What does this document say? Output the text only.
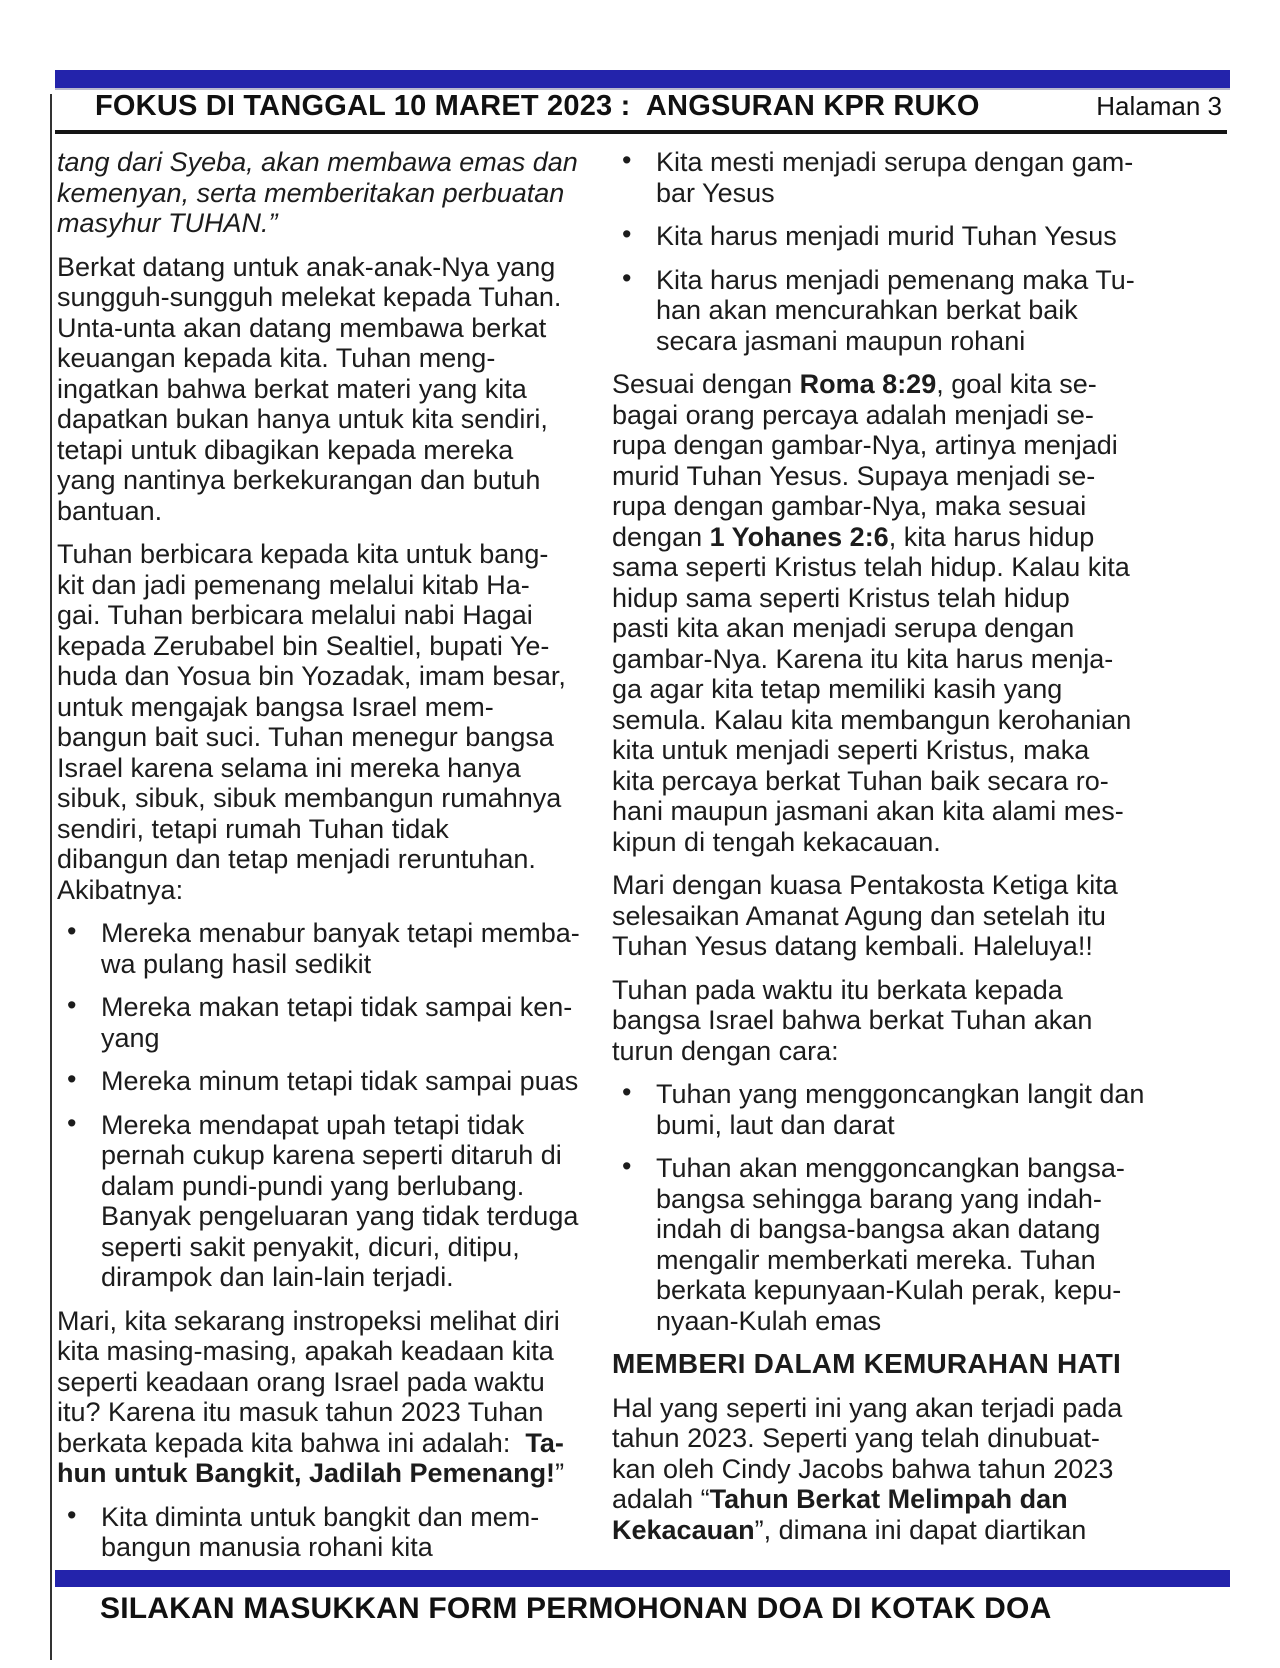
FOKUS DI TANGGAL 10 MARET 2023 :  ANGSURAN KPR RUKO	Halaman 3
tang dari Syeba, akan membawa emas dan
kemenyan, serta memberitakan perbuatan
masyhur TUHAN.”
Berkat datang untuk anak-anak-Nya yang
sungguh-sungguh melekat kepada Tuhan.
Unta-unta akan datang membawa berkat
keuangan kepada kita. Tuhan meng-
ingatkan bahwa berkat materi yang kita
dapatkan bukan hanya untuk kita sendiri,
tetapi untuk dibagikan kepada mereka
yang nantinya berkekurangan dan butuh
bantuan.
Tuhan berbicara kepada kita untuk bang-
kit dan jadi pemenang melalui kitab Ha-
gai. Tuhan berbicara melalui nabi Hagai
kepada Zerubabel bin Sealtiel, bupati Ye-
huda dan Yosua bin Yozadak, imam besar,
untuk mengajak bangsa Israel mem-
bangun bait suci. Tuhan menegur bangsa
Israel karena selama ini mereka hanya
sibuk, sibuk, sibuk membangun rumahnya
sendiri, tetapi rumah Tuhan tidak
dibangun dan tetap menjadi reruntuhan.
Akibatnya:
• Mereka menabur banyak tetapi memba-
wa pulang hasil sedikit
• Mereka makan tetapi tidak sampai ken-
yang
• Mereka minum tetapi tidak sampai puas
• Mereka mendapat upah tetapi tidak
pernah cukup karena seperti ditaruh di
dalam pundi-pundi yang berlubang.
Banyak pengeluaran yang tidak terduga
seperti sakit penyakit, dicuri, ditipu,
dirampok dan lain-lain terjadi.
Mari, kita sekarang instropeksi melihat diri
kita masing-masing, apakah keadaan kita
seperti keadaan orang Israel pada waktu
itu? Karena itu masuk tahun 2023 Tuhan
berkata kepada kita bahwa ini adalah:  Ta-
hun untuk Bangkit, Jadilah Pemenang!”
• Kita diminta untuk bangkit dan mem-
bangun manusia rohani kita
• Kita mesti menjadi serupa dengan gam-
bar Yesus
• Kita harus menjadi murid Tuhan Yesus
• Kita harus menjadi pemenang maka Tu-
han akan mencurahkan berkat baik
secara jasmani maupun rohani
Sesuai dengan Roma 8:29, goal kita se-
bagai orang percaya adalah menjadi se-
rupa dengan gambar-Nya, artinya menjadi
murid Tuhan Yesus. Supaya menjadi se-
rupa dengan gambar-Nya, maka sesuai
dengan 1 Yohanes 2:6, kita harus hidup
sama seperti Kristus telah hidup. Kalau kita
hidup sama seperti Kristus telah hidup
pasti kita akan menjadi serupa dengan
gambar-Nya. Karena itu kita harus menja-
ga agar kita tetap memiliki kasih yang
semula. Kalau kita membangun kerohanian
kita untuk menjadi seperti Kristus, maka
kita percaya berkat Tuhan baik secara ro-
hani maupun jasmani akan kita alami mes-
kipun di tengah kekacauan.
Mari dengan kuasa Pentakosta Ketiga kita
selesaikan Amanat Agung dan setelah itu
Tuhan Yesus datang kembali. Haleluya!!
Tuhan pada waktu itu berkata kepada
bangsa Israel bahwa berkat Tuhan akan
turun dengan cara:
• Tuhan yang menggoncangkan langit dan
bumi, laut dan darat
• Tuhan akan menggoncangkan bangsa-
bangsa sehingga barang yang indah-
indah di bangsa-bangsa akan datang
mengalir memberkati mereka. Tuhan
berkata kepunyaan-Kulah perak, kepu-
nyaan-Kulah emas
MEMBERI DALAM KEMURAHAN HATI
Hal yang seperti ini yang akan terjadi pada
tahun 2023. Seperti yang telah dinubuat-
kan oleh Cindy Jacobs bahwa tahun 2023
adalah “Tahun Berkat Melimpah dan
Kekacauan”, dimana ini dapat diartikan
SILAKAN MASUKKAN FORM PERMOHONAN DOA DI KOTAK DOA
